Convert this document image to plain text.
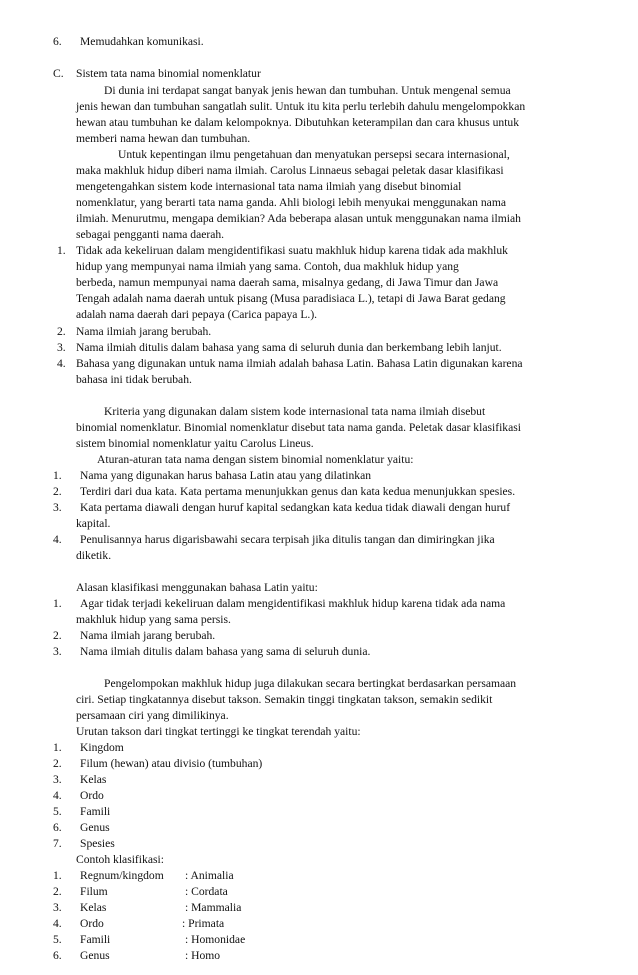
6. Memudahkan komunikasi.
C. Sistem tata nama binomial nomenklatur
Di dunia ini terdapat sangat banyak jenis hewan dan tumbuhan. Untuk mengenal semua
jenis hewan dan tumbuhan sangatlah sulit. Untuk itu kita perlu terlebih dahulu mengelompokkan
hewan atau tumbuhan ke dalam kelompoknya. Dibutuhkan keterampilan dan cara khusus untuk
memberi nama hewan dan tumbuhan.
Untuk kepentingan ilmu pengetahuan dan menyatukan persepsi secara internasional,
maka makhluk hidup diberi nama ilmiah. Carolus Linnaeus sebagai peletak dasar klasifikasi
mengetengahkan sistem kode internasional tata nama ilmiah yang disebut binomial
nomenklatur, yang berarti tata nama ganda. Ahli biologi lebih menyukai menggunakan nama
ilmiah. Menurutmu, mengapa demikian? Ada beberapa alasan untuk menggunakan nama ilmiah
sebagai pengganti nama daerah.
1. Tidak ada kekeliruan dalam mengidentifikasi suatu makhluk hidup karena tidak ada makhluk
hidup yang mempunyai nama ilmiah yang sama. Contoh, dua makhluk hidup yang
berbeda, namun mempunyai nama daerah sama, misalnya gedang, di Jawa Timur dan Jawa
Tengah adalah nama daerah untuk pisang (Musa paradisiaca L.), tetapi di Jawa Barat gedang
adalah nama daerah dari pepaya (Carica papaya L.).
2. Nama ilmiah jarang berubah.
3. Nama ilmiah ditulis dalam bahasa yang sama di seluruh dunia dan berkembang lebih lanjut.
4. Bahasa yang digunakan untuk nama ilmiah adalah bahasa Latin. Bahasa Latin digunakan karena
bahasa ini tidak berubah.
Kriteria yang digunakan dalam sistem kode internasional tata nama ilmiah disebut
binomial nomenklatur. Binomial nomenklatur disebut tata nama ganda. Peletak dasar klasifikasi
sistem binomial nomenklatur yaitu Carolus Lineus.
Aturan-aturan tata nama dengan sistem binomial nomenklatur yaitu:
1. Nama yang digunakan harus bahasa Latin atau yang dilatinkan
2. Terdiri dari dua kata. Kata pertama menunjukkan genus dan kata kedua menunjukkan spesies.
3. Kata pertama diawali dengan huruf kapital sedangkan kata kedua tidak diawali dengan huruf
kapital.
4. Penulisannya harus digarisbawahi secara terpisah jika ditulis tangan dan dimiringkan jika
diketik.
Alasan klasifikasi menggunakan bahasa Latin yaitu:
1. Agar tidak terjadi kekeliruan dalam mengidentifikasi makhluk hidup karena tidak ada nama
makhluk hidup yang sama persis.
2. Nama ilmiah jarang berubah.
3. Nama ilmiah ditulis dalam bahasa yang sama di seluruh dunia.
Pengelompokan makhluk hidup juga dilakukan secara bertingkat berdasarkan persamaan
ciri. Setiap tingkatannya disebut takson. Semakin tinggi tingkatan takson, semakin sedikit
persamaan ciri yang dimilikinya.
Urutan takson dari tingkat tertinggi ke tingkat terendah yaitu:
1. Kingdom
2. Filum (hewan) atau divisio (tumbuhan)
3. Kelas
4. Ordo
5. Famili
6. Genus
7. Spesies
Contoh klasifikasi:
1. Regnum/kingdom : Animalia
2. Filum	: Cordata
3. Kelas	: Mammalia
4. Ordo	: Primata
5. Famili	: Homonidae
6. Genus	: Homo
